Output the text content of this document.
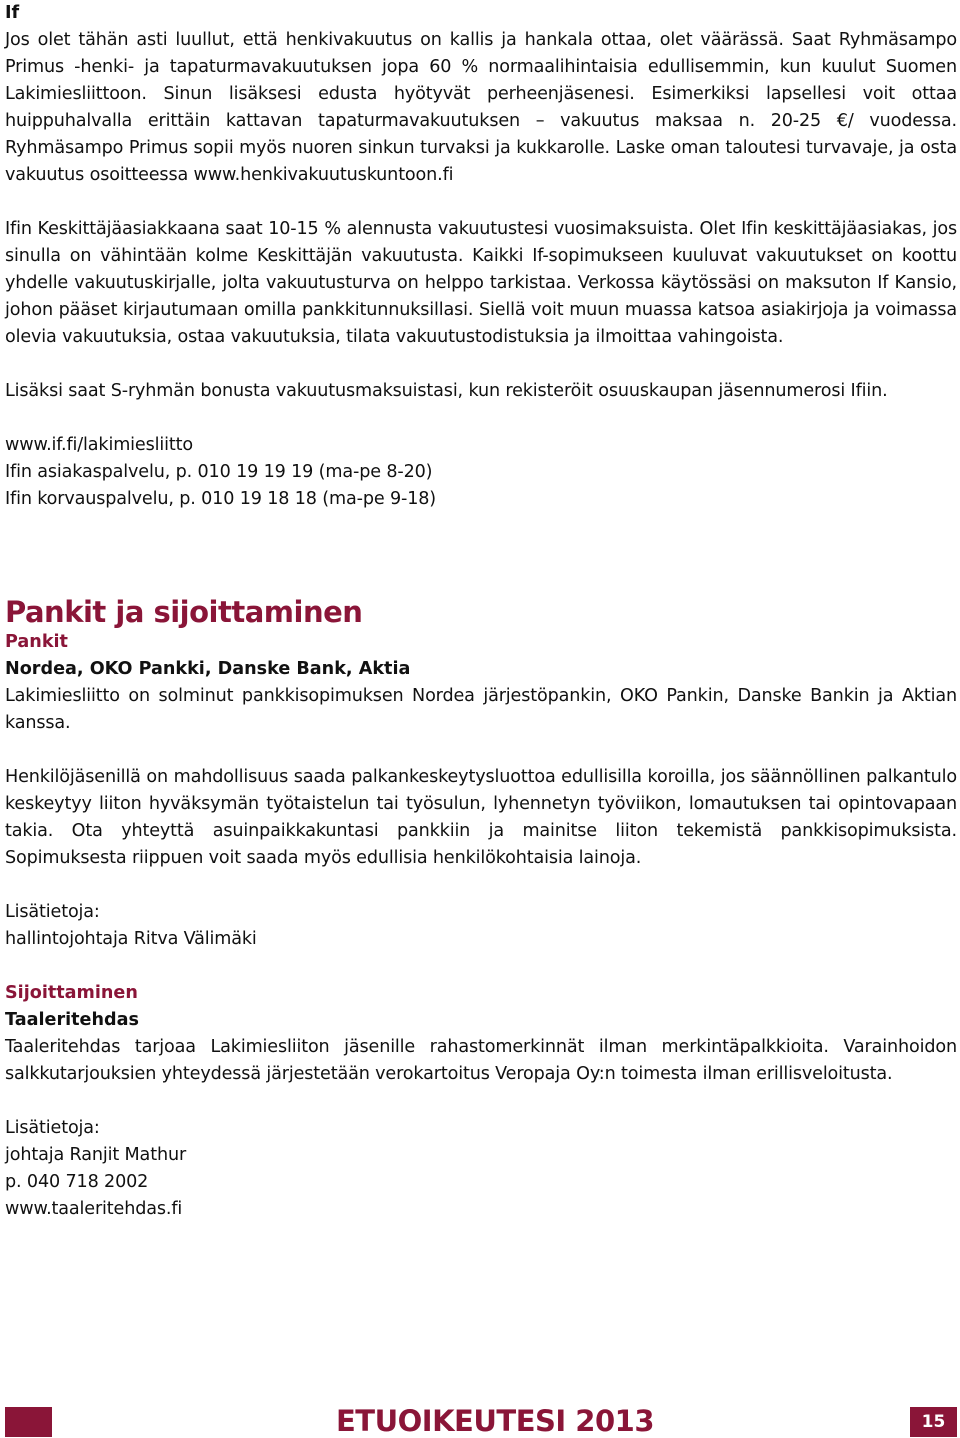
If

Jos olet tähän asti luullut, että henkivakuutus on kallis ja hankala ottaa, olet väärässä. Saat Ryhmäsampo Primus -henki- ja tapaturmavakuutuksen jopa 60 % normaalihintaisia edullisemmin, kun kuulut Suomen Lakimiesliittoon. Sinun lisäksesi edusta hyötyvät perheenjäsenesi. Esimerkiksi lapsellesi voit ottaa huippuhalvalla erittäin kattavan tapaturmavakuutuksen – vakuutus maksaa n. 20-25 €/ vuodessa. Ryhmäsampo Primus sopii myös nuoren sinkun turvaksi ja kukkarolle. Laske oman taloutesi turvavaje, ja osta vakuutus osoitteessa www.henkivakuutuskuntoon.fi

Ifin Keskittäjäasiakkaana saat 10-15 % alennusta vakuutustesi vuosimaksuista. Olet Ifin keskittäjäasiakas, jos sinulla on vähintään kolme Keskittäjän vakuutusta. Kaikki If-sopimukseen kuuluvat vakuutukset on koottu yhdelle vakuutuskirjalle, jolta vakuutusturva on helppo tarkistaa. Verkossa käytössäsi on maksuton If Kansio, johon pääset kirjautumaan omilla pankkitunnuksillasi. Siellä voit muun muassa katsoa asiakirjoja ja voimassa olevia vakuutuksia, ostaa vakuutuksia, tilata vakuutustodistuksia ja ilmoittaa vahingoista.

Lisäksi saat S-ryhmän bonusta vakuutusmaksuistasi, kun rekisteröit osuuskaupan jäsennumerosi Ifiin.

www.if.fi/lakimiesliitto

Ifin asiakaspalvelu, p. 010 19 19 19 (ma-pe 8-20)

Ifin korvauspalvelu, p. 010 19 18 18 (ma-pe 9-18)

Pankit ja sijoittaminen

Pankit

Nordea, OKO Pankki, Danske Bank, Aktia

Lakimiesliitto on solminut pankkisopimuksen Nordea järjestöpankin, OKO Pankin, Danske Bankin ja Aktian kanssa.

Henkilöjäsenillä on mahdollisuus saada palkankeskeytysluottoa edullisilla koroilla, jos säännöllinen palkantulo keskeytyy liiton hyväksymän työtaistelun tai työsulun, lyhennetyn työviikon, lomautuksen tai opintovapaan takia. Ota yhteyttä asuinpaikkakuntasi pankkiin ja mainitse liiton tekemistä pankkisopimuksista. Sopimuksesta riippuen voit saada myös edullisia henkilökohtaisia lainoja.

Lisätietoja:

hallintojohtaja Ritva Välimäki

Sijoittaminen

Taaleritehdas

Taaleritehdas tarjoaa Lakimiesliiton jäsenille rahastomerkinnät ilman merkintäpalkkioita. Varainhoidon salkkutarjouksien yhteydessä järjestetään verokartoitus Veropaja Oy:n toimesta ilman erillisveloitusta.

Lisätietoja:

johtaja Ranjit Mathur

p. 040 718 2002

www.taaleritehdas.fi

ETUOIKEUTESI 2013	15
